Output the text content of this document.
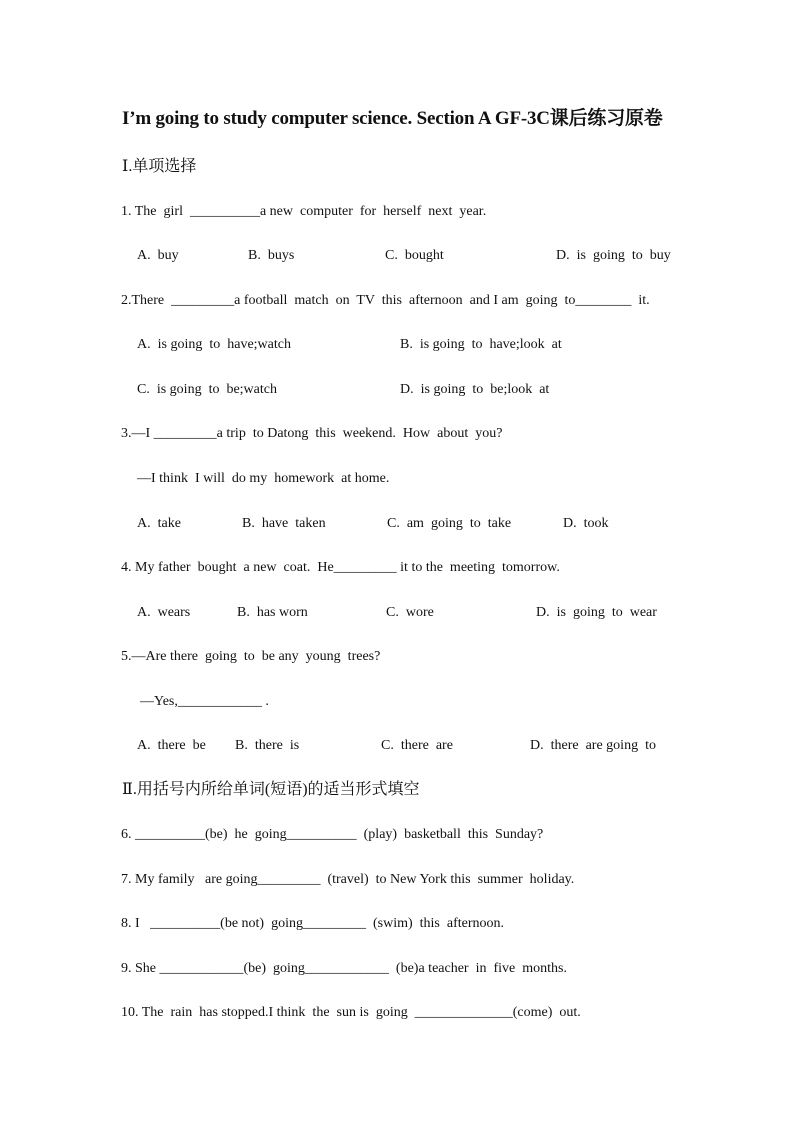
I’m going to study computer science. Section A GF-3C课后练习原卷
Ⅰ.单项选择
1. The  girl  __________a new  computer  for  herself  next  year.
A.  buy	B.  buys	C.  bought	D.  is  going  to  buy
2.There  _________a football  match  on  TV  this  afternoon  and I am  going  to________  it.
A.  is going  to  have;watch	B.  is going  to  have;look  at
C.  is going  to  be;watch	D.  is going  to  be;look  at
3.—I _________a trip  to Datong  this  weekend.  How  about  you?
—I think  I will  do my  homework  at home.
A.  take	B.  have  taken	C.  am  going  to  take	D.  took
4. My father  bought  a new  coat.  He_________ it to the  meeting  tomorrow.
A.  wears	B.  has worn	C.  wore	D.  is  going  to  wear
5.—Are there  going  to  be any  young  trees?
—Yes,____________ .
A.  there  be B.  there  is	C.  there  are	D.  there  are going  to
Ⅱ.用括号内所给单词(短语)的适当形式填空
6. __________(be)  he  going__________  (play)  basketball  this  Sunday?
7. My family   are going_________  (travel)  to New York this  summer  holiday.
8. I   __________(be not)  going_________  (swim)  this  afternoon.
9. She ____________(be)  going____________  (be)a teacher  in  five  months.
10. The  rain  has stopped.I think  the  sun is  going  ______________(come)  out.
